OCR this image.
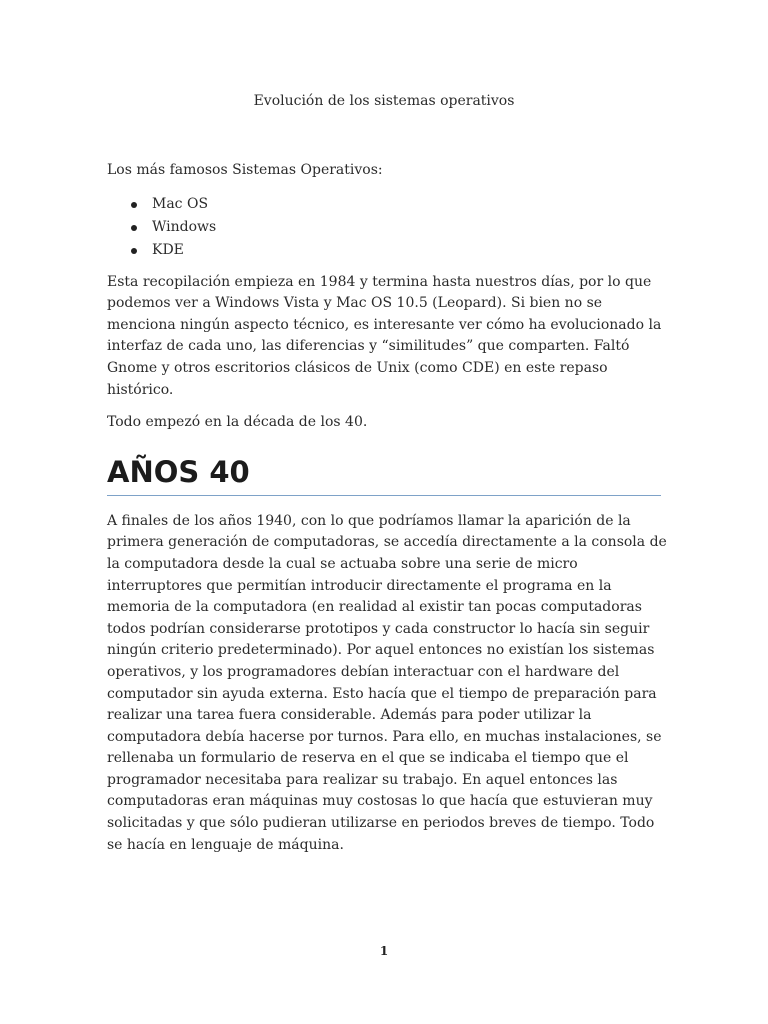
Evolución de los sistemas operativos

Los más famosos Sistemas Operativos:

Mac OS
Windows
KDE

Esta recopilación empieza en 1984 y termina hasta nuestros días, por lo que podemos ver a Windows Vista y Mac OS 10.5 (Leopard). Si bien no se menciona ningún aspecto técnico, es interesante ver cómo ha evolucionado la interfaz de cada uno, las diferencias y “similitudes” que comparten. Faltó Gnome y otros escritorios clásicos de Unix (como CDE) en este repaso histórico.

Todo empezó en la década de los 40.

AÑOS 40

A finales de los años 1940, con lo que podríamos llamar la aparición de la primera generación de computadoras, se accedía directamente a la consola de la computadora desde la cual se actuaba sobre una serie de micro interruptores que permitían introducir directamente el programa en la memoria de la computadora (en realidad al existir tan pocas computadoras todos podrían considerarse prototipos y cada constructor lo hacía sin seguir ningún criterio predeterminado). Por aquel entonces no existían los sistemas operativos, y los programadores debían interactuar con el hardware del computador sin ayuda externa. Esto hacía que el tiempo de preparación para realizar una tarea fuera considerable. Además para poder utilizar la computadora debía hacerse por turnos. Para ello, en muchas instalaciones, se rellenaba un formulario de reserva en el que se indicaba el tiempo que el programador necesitaba para realizar su trabajo. En aquel entonces las computadoras eran máquinas muy costosas lo que hacía que estuvieran muy solicitadas y que sólo pudieran utilizarse en periodos breves de tiempo. Todo se hacía en lenguaje de máquina.

1
